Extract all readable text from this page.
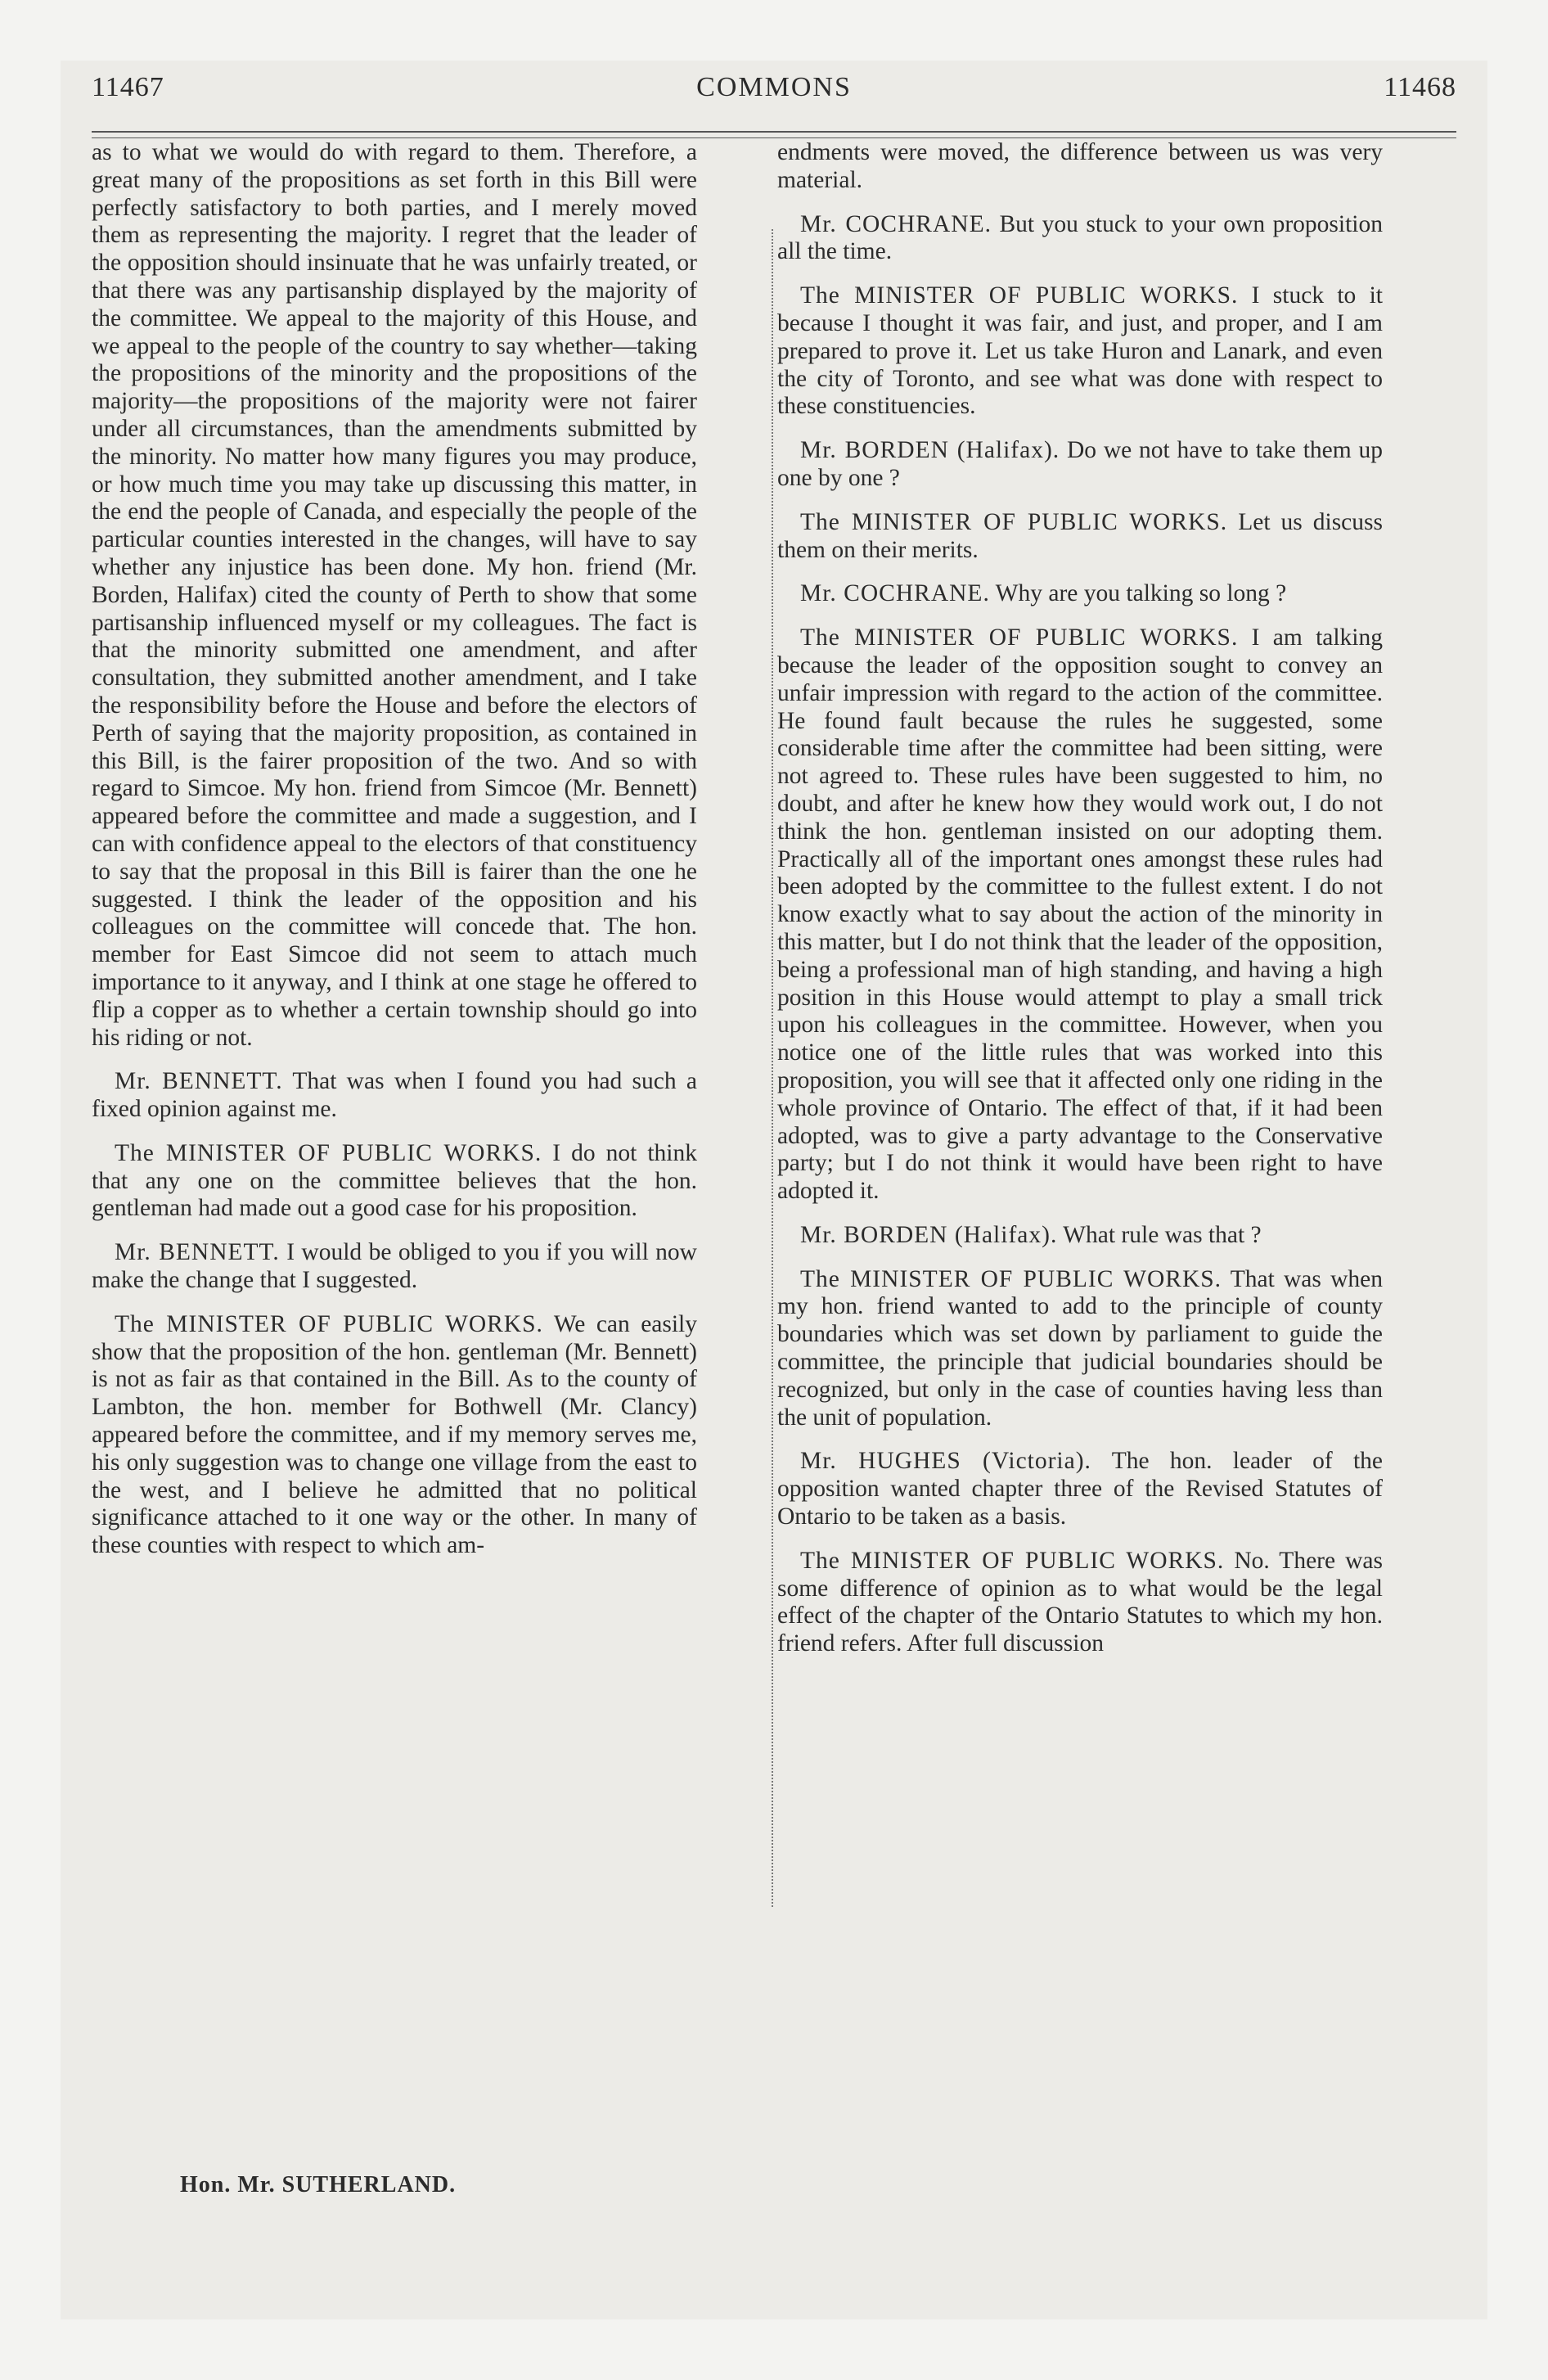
11467	COMMONS	11468

as to what we would do with regard to them. Therefore, a great many of the propositions as set forth in this Bill were perfectly satisfactory to both parties, and I merely moved them as representing the majority. I regret that the leader of the opposition should insinuate that he was unfairly treated, or that there was any partisanship displayed by the majority of the committee. We appeal to the majority of this House, and we appeal to the people of the country to say whether—taking the propositions of the minority and the propositions of the majority—the propositions of the majority were not fairer under all circumstances, than the amendments submitted by the minority. No matter how many figures you may produce, or how much time you may take up discussing this matter, in the end the people of Canada, and especially the people of the particular counties interested in the changes, will have to say whether any injustice has been done. My hon. friend (Mr. Borden, Halifax) cited the county of Perth to show that some partisanship influenced myself or my colleagues. The fact is that the minority submitted one amendment, and after consultation, they submitted another amendment, and I take the responsibility before the House and before the electors of Perth of saying that the majority proposition, as contained in this Bill, is the fairer proposition of the two. And so with regard to Simcoe. My hon. friend from Simcoe (Mr. Bennett) appeared before the committee and made a suggestion, and I can with confidence appeal to the electors of that constituency to say that the proposal in this Bill is fairer than the one he suggested. I think the leader of the opposition and his colleagues on the committee will concede that. The hon. member for East Simcoe did not seem to attach much importance to it anyway, and I think at one stage he offered to flip a copper as to whether a certain township should go into his riding or not.

Mr. BENNETT. That was when I found you had such a fixed opinion against me.

The MINISTER OF PUBLIC WORKS. I do not think that any one on the committee believes that the hon. gentleman had made out a good case for his proposition.

Mr. BENNETT. I would be obliged to you if you will now make the change that I suggested.

The MINISTER OF PUBLIC WORKS. We can easily show that the proposition of the hon. gentleman (Mr. Bennett) is not as fair as that contained in the Bill. As to the county of Lambton, the hon. member for Bothwell (Mr. Clancy) appeared before the committee, and if my memory serves me, his only suggestion was to change one village from the east to the west, and I believe he admitted that no political significance attached to it one way or the other. In many of these counties with respect to which am-

endments were moved, the difference between us was very material.

Mr. COCHRANE. But you stuck to your own proposition all the time.

The MINISTER OF PUBLIC WORKS. I stuck to it because I thought it was fair, and just, and proper, and I am prepared to prove it. Let us take Huron and Lanark, and even the city of Toronto, and see what was done with respect to these constituencies.

Mr. BORDEN (Halifax). Do we not have to take them up one by one ?

The MINISTER OF PUBLIC WORKS. Let us discuss them on their merits.

Mr. COCHRANE. Why are you talking so long ?

The MINISTER OF PUBLIC WORKS. I am talking because the leader of the opposition sought to convey an unfair impression with regard to the action of the committee. He found fault because the rules he suggested, some considerable time after the committee had been sitting, were not agreed to. These rules have been suggested to him, no doubt, and after he knew how they would work out, I do not think the hon. gentleman insisted on our adopting them. Practically all of the important ones amongst these rules had been adopted by the committee to the fullest extent. I do not know exactly what to say about the action of the minority in this matter, but I do not think that the leader of the opposition, being a professional man of high standing, and having a high position in this House would attempt to play a small trick upon his colleagues in the committee. However, when you notice one of the little rules that was worked into this proposition, you will see that it affected only one riding in the whole province of Ontario. The effect of that, if it had been adopted, was to give a party advantage to the Conservative party; but I do not think it would have been right to have adopted it.

Mr. BORDEN (Halifax). What rule was that ?

The MINISTER OF PUBLIC WORKS. That was when my hon. friend wanted to add to the principle of county boundaries which was set down by parliament to guide the committee, the principle that judicial boundaries should be recognized, but only in the case of counties having less than the unit of population.

Mr. HUGHES (Victoria). The hon. leader of the opposition wanted chapter three of the Revised Statutes of Ontario to be taken as a basis.

The MINISTER OF PUBLIC WORKS. No. There was some difference of opinion as to what would be the legal effect of the chapter of the Ontario Statutes to which my hon. friend refers. After full discussion

Hon. Mr. SUTHERLAND.
